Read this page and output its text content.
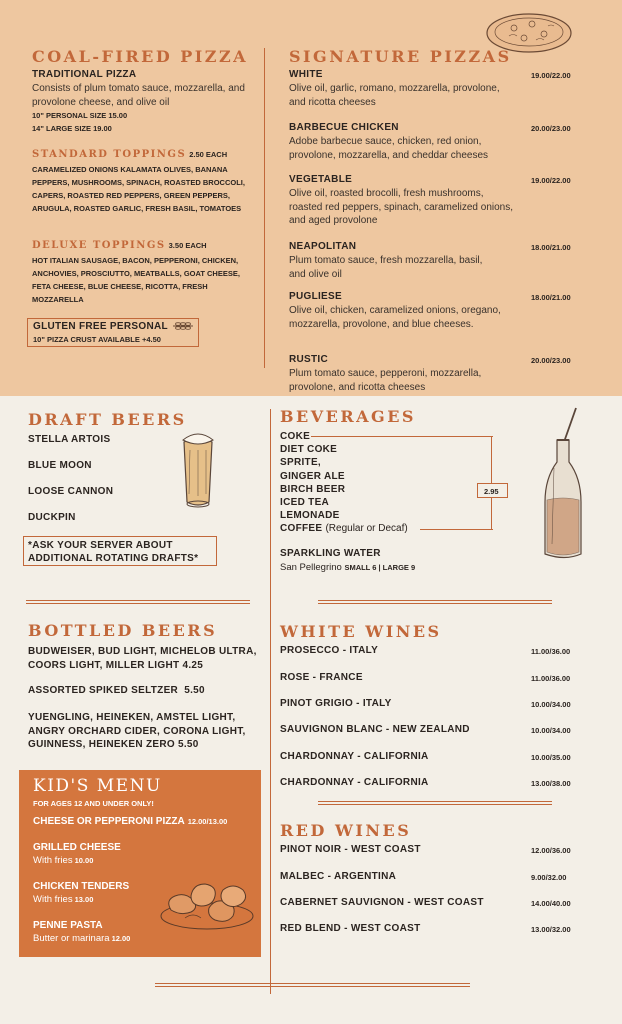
COAL-FIRED PIZZA
TRADITIONAL PIZZA
Consists of plum tomato sauce, mozzarella, and provolone cheese, and olive oil
10" PERSONAL SIZE 15.00
14" LARGE SIZE 19.00
STANDARD TOPPINGS 2.50 EACH
CARAMELIZED ONIONS KALAMATA OLIVES, BANANA PEPPERS, MUSHROOMS, SPINACH, ROASTED BROCCOLI, CAPERS, ROASTED RED PEPPERS, GREEN PEPPERS, ARUGULA, ROASTED GARLIC, FRESH BASIL, TOMATOES
DELUXE TOPPINGS 3.50 EACH
HOT ITALIAN SAUSAGE, BACON, PEPPERONI, CHICKEN, ANCHOVIES, PROSCIUTTO, MEATBALLS, GOAT CHEESE, FETA CHEESE, BLUE CHEESE, RICOTTA, FRESH MOZZARELLA
GLUTEN FREE PERSONAL
10" PIZZA CRUST AVAILABLE +4.50
SIGNATURE PIZZAS
WHITE	19.00/22.00
Olive oil, garlic, romano, mozzarella, provolone, and ricotta cheeses
BARBECUE CHICKEN	20.00/23.00
Adobe barbecue sauce, chicken, red onion, provolone, mozzarella, and cheddar cheeses
VEGETABLE	19.00/22.00
Olive oil, roasted brocolli, fresh mushrooms, roasted red peppers, spinach, caramelized onions, and aged provolone
NEAPOLITAN	18.00/21.00
Plum tomato sauce, fresh mozzarella, basil, and olive oil
PUGLIESE	18.00/21.00
Olive oil, chicken, caramelized onions, oregano, mozzarella, provolone, and blue cheeses.
RUSTIC	20.00/23.00
Plum tomato sauce, pepperoni, mozzarella, provolone, and ricotta cheeses
DRAFT BEERS
STELLA ARTOIS
BLUE MOON
LOOSE CANNON
DUCKPIN
*ASK YOUR SERVER ABOUT ADDITIONAL ROTATING DRAFTS*
BEVERAGES
COKE
DIET COKE
SPRITE,
GINGER ALE
BIRCH BEER
ICED TEA
LEMONADE
COFFEE (Regular or Decaf)
2.95
SPARKLING WATER
San Pellegrino SMALL 6 | LARGE 9
BOTTLED BEERS
BUDWEISER, BUD LIGHT, MICHELOB ULTRA, COORS LIGHT, MILLER LIGHT 4.25
ASSORTED SPIKED SELTZER  5.50
YUENGLING, HEINEKEN, AMSTEL LIGHT, ANGRY ORCHARD CIDER, CORONA LIGHT, GUINNESS, HEINEKEN ZERO 5.50
KID'S MENU
FOR AGES 12 AND UNDER ONLY!
CHEESE OR PEPPERONI PIZZA 12.00/13.00
GRILLED CHEESE
With fries 10.00
CHICKEN TENDERS
With fries 13.00
PENNE PASTA
Butter or marinara 12.00
WHITE WINES
PROSECCO - ITALY	11.00/36.00
ROSE - FRANCE	11.00/36.00
PINOT GRIGIO - ITALY	10.00/34.00
SAUVIGNON BLANC - NEW ZEALAND	10.00/34.00
CHARDONNAY - CALIFORNIA	10.00/35.00
CHARDONNAY - CALIFORNIA	13.00/38.00
RED WINES
PINOT NOIR - WEST COAST	12.00/36.00
MALBEC - ARGENTINA	9.00/32.00
CABERNET SAUVIGNON - WEST COAST	14.00/40.00
RED BLEND - WEST COAST	13.00/32.00
